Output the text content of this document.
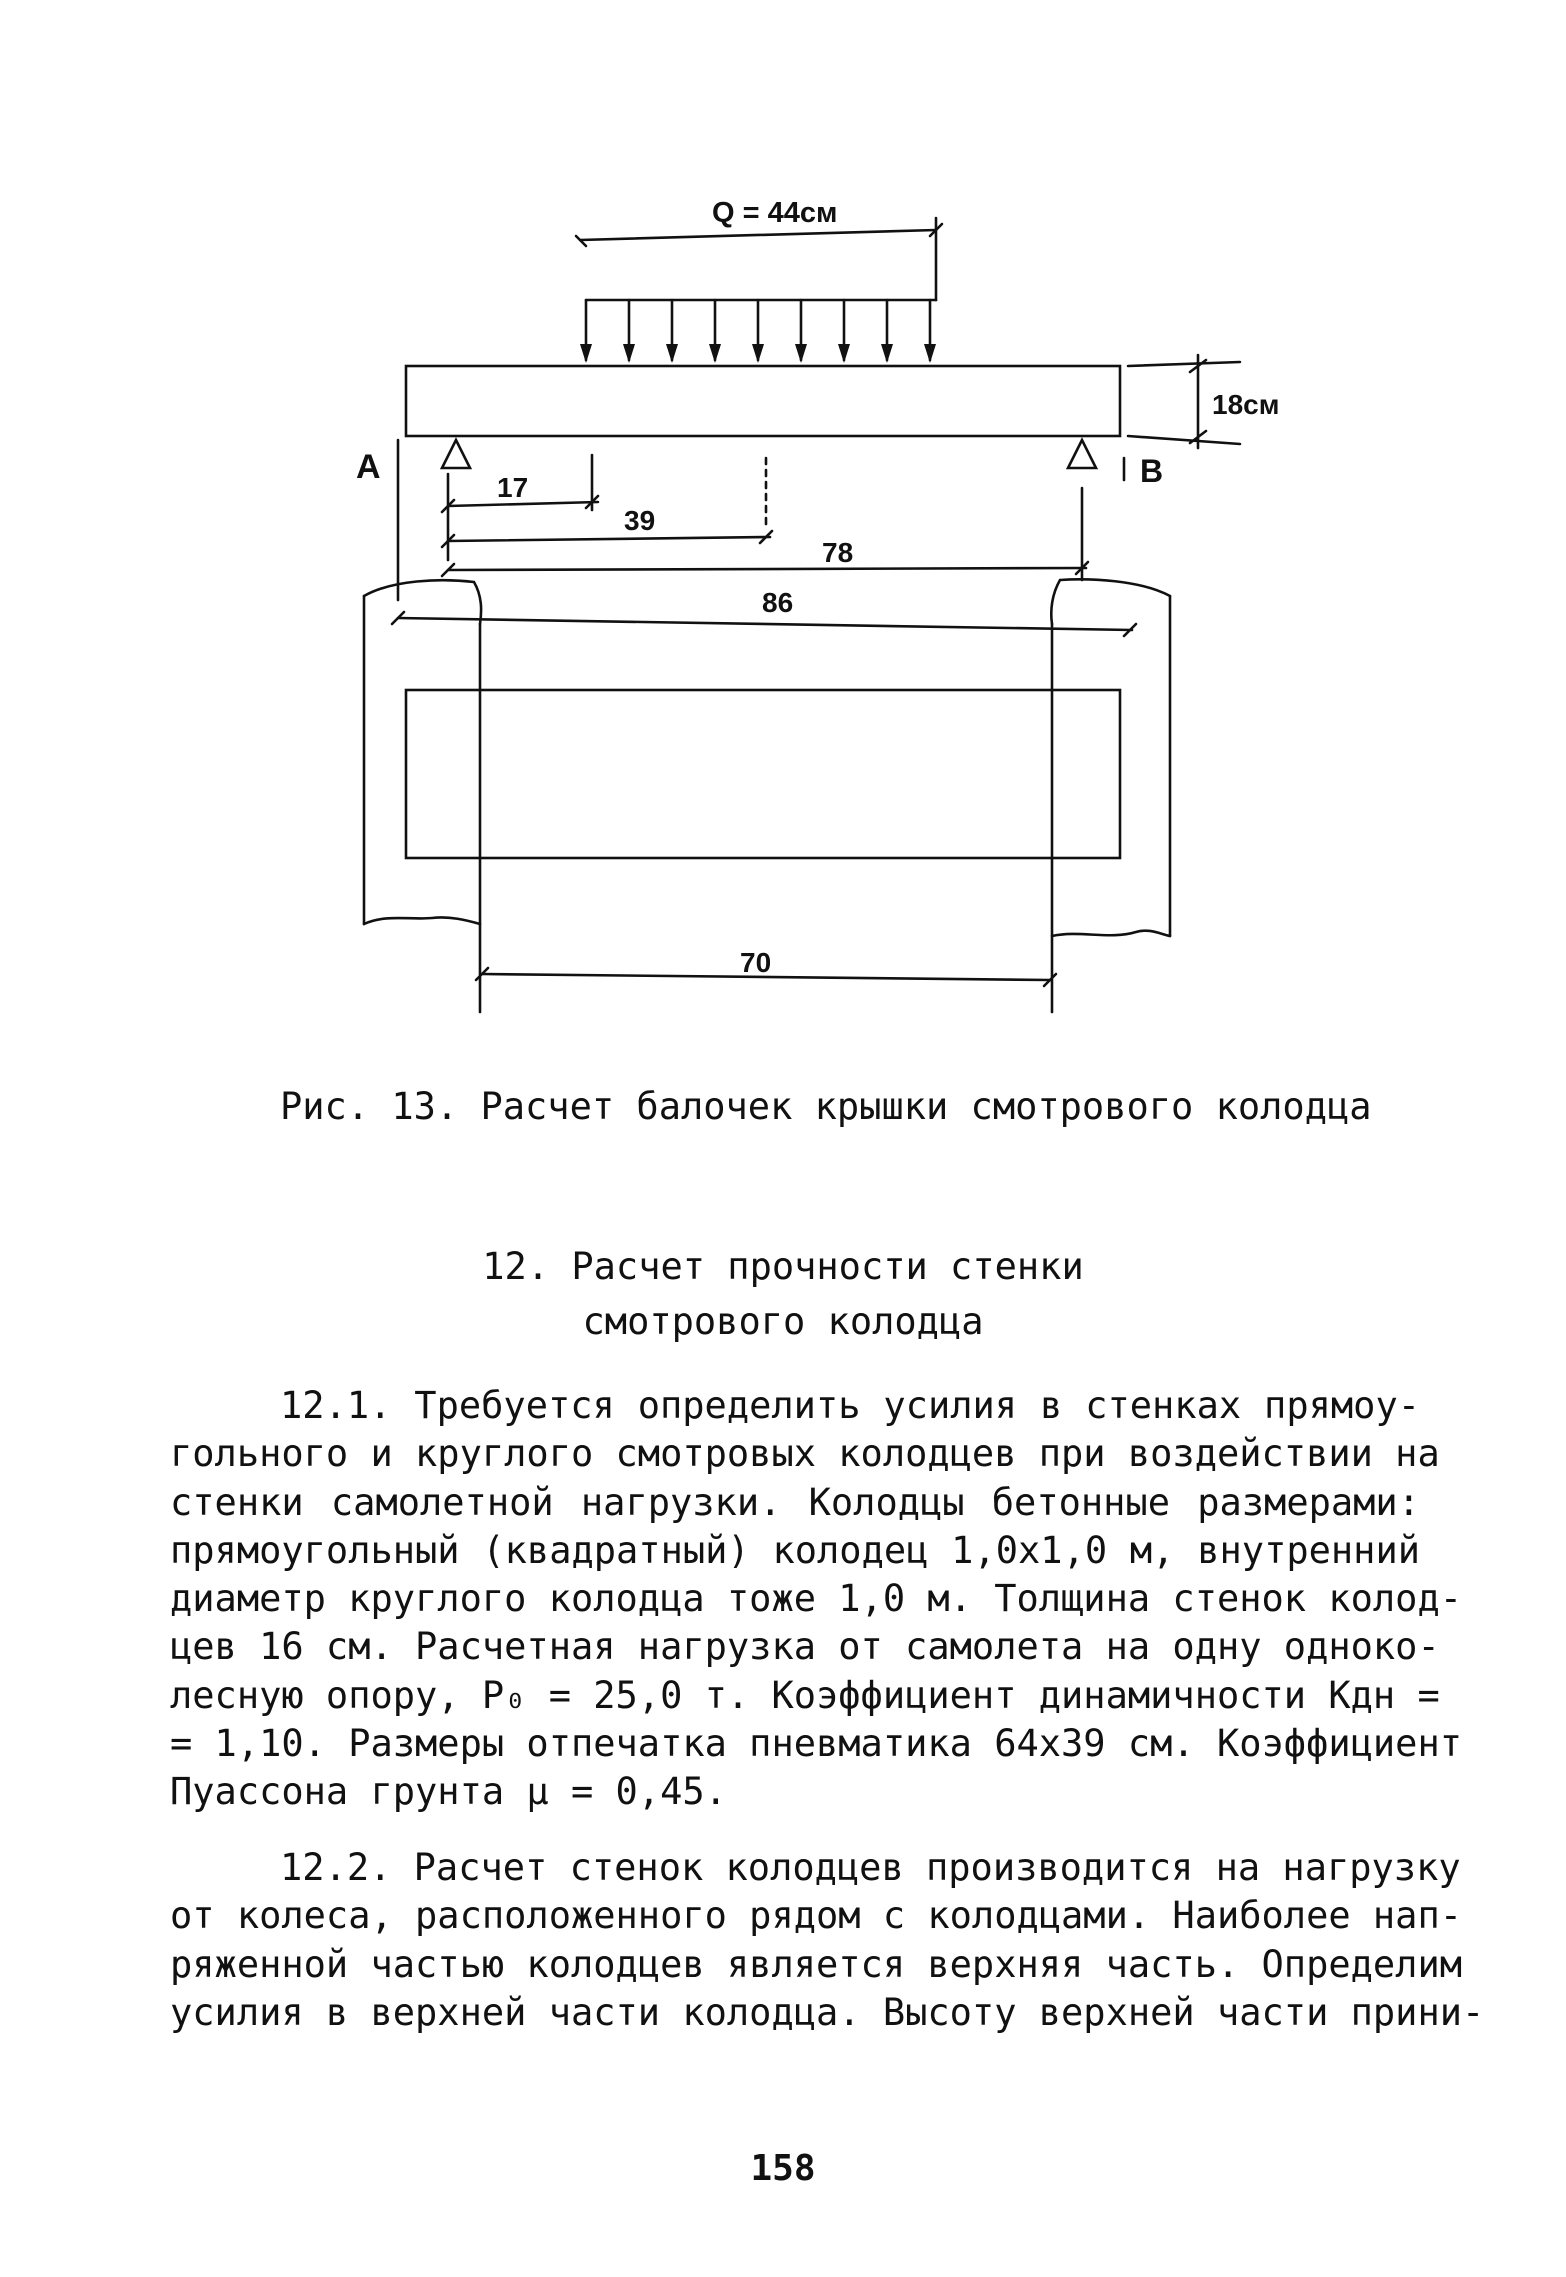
Q = 44см
18см
A	B
17
39
78
86
70
Рис. 13. Расчет балочек крышки смотрового колодца
12. Расчет прочности стенки
смотрового колодца
12.1. Требуется определить усилия в стенках прямоу-
гольного и круглого смотровых колодцев при воздействии на
стенки самолетной нагрузки. Колодцы бетонные размерами:
прямоугольный (квадратный) колодец 1,0х1,0 м, внутренний
диаметр круглого колодца тоже 1,0 м. Толщина стенок колод-
цев 16 см. Расчетная нагрузка от самолета на одну одноко-
лесную опору, Р₀ = 25,0 т. Коэффициент динамичности Кдн =
= 1,10. Размеры отпечатка пневматика 64х39 см. Коэффициент
Пуассона грунта μ = 0,45.
12.2. Расчет стенок колодцев производится на нагрузку
от колеса, расположенного рядом с колодцами. Наиболее нап-
ряженной частью колодцев является верхняя часть. Определим
усилия в верхней части колодца. Высоту верхней части прини-
158
